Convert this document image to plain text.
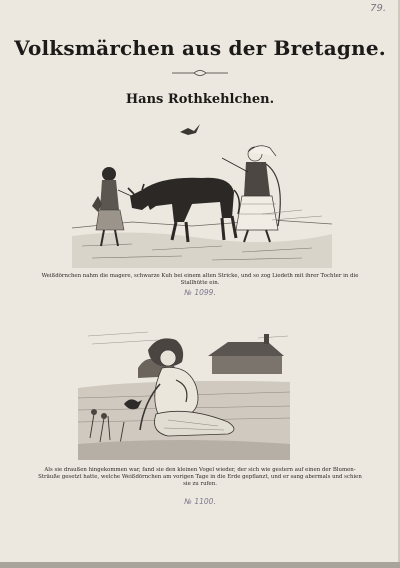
79.
Volksmärchen aus der Bretagne.
Hans Rothkehlchen.
Weißdörnchen nahm die magere, schwarze Kuh bei einem alten Stricke, und so zog Liedeth mit ihrer Tochter in die Stallhütte ein.
№ 1099.
Als sie draußen hingekommen war, fand sie den kleinen Vogel wieder, der sich wie gestern auf einen der Blumen-Sträuße gesetzt hatte, welche Weißdörnchen am vorigen Tage in die Erde gepflanzt, und er sang abermals und schien sie zu rufen.
№ 1100.
